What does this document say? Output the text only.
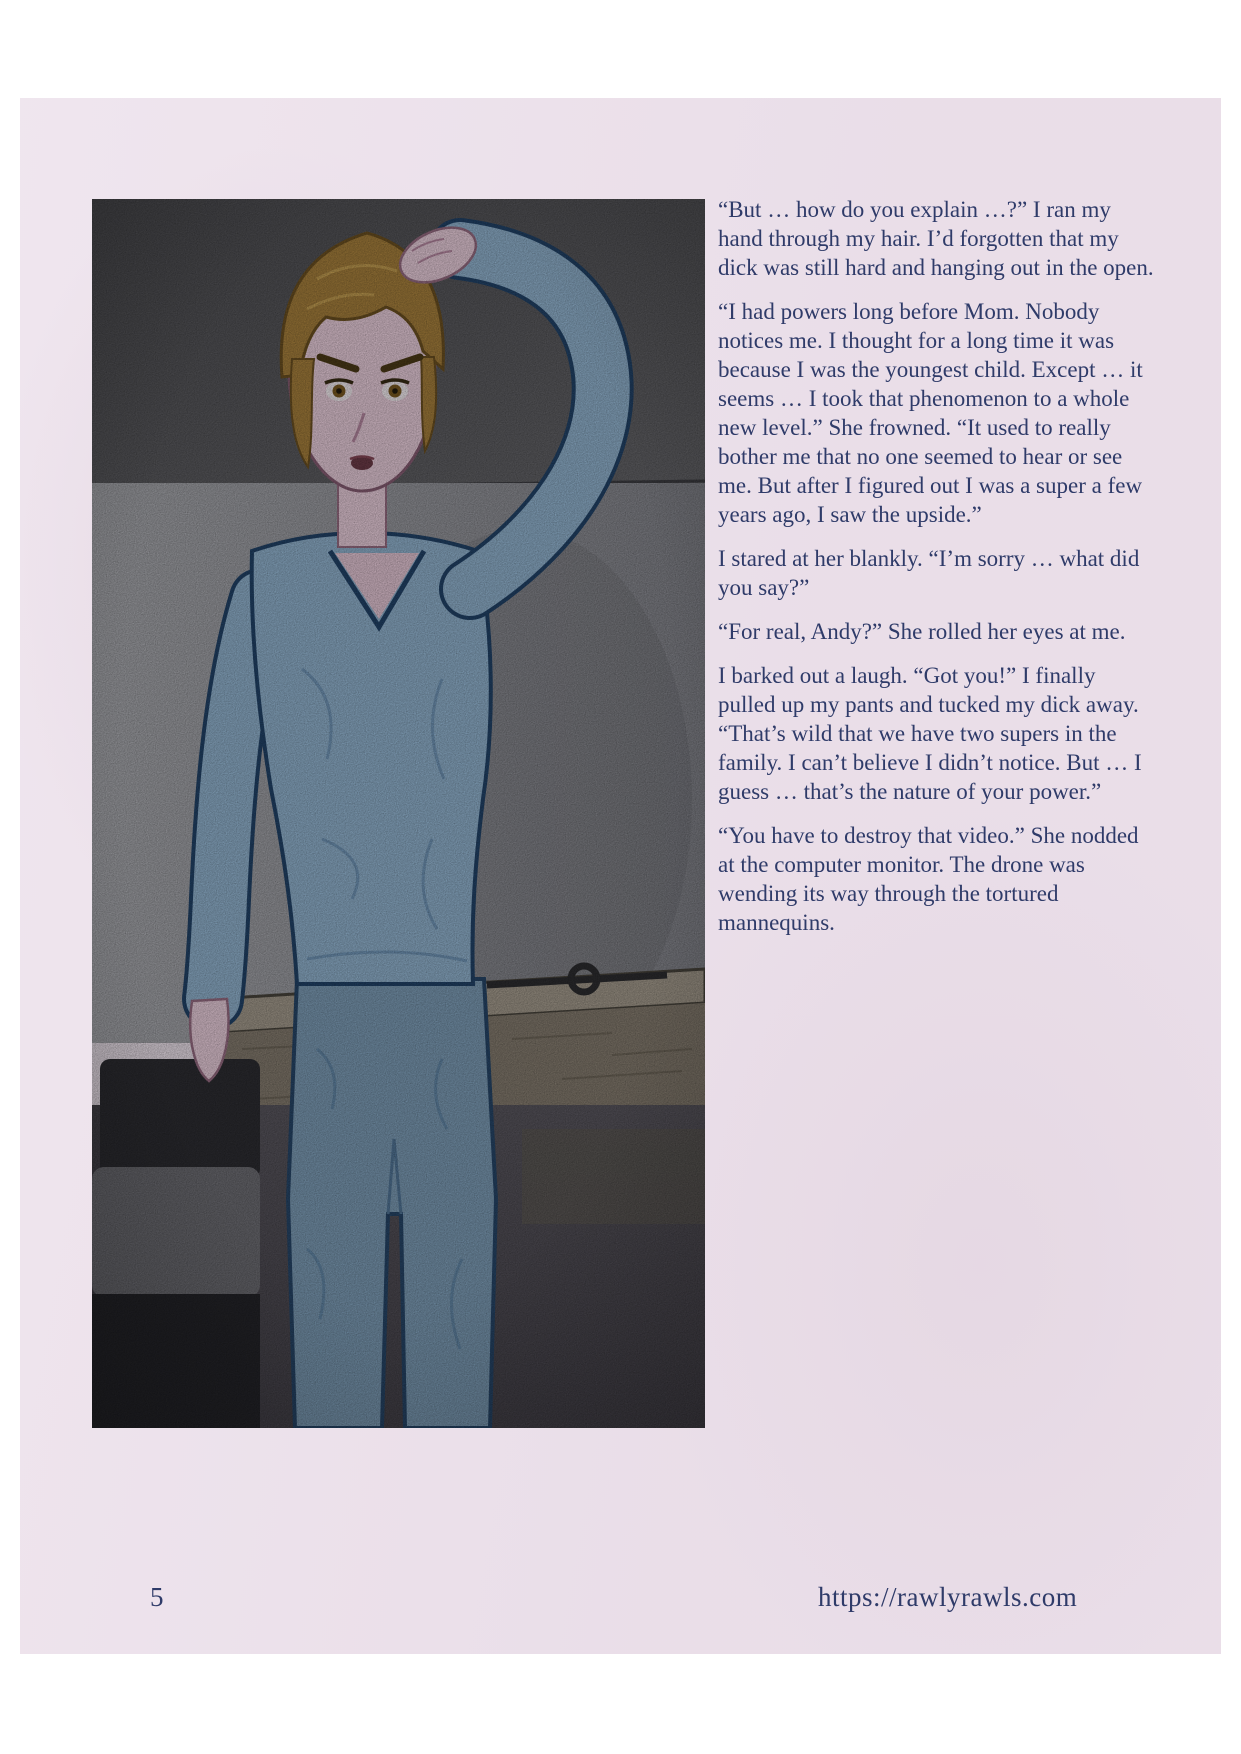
“But … how do you explain …?” I ran my hand through my hair. I’d forgotten that my dick was still hard and hanging out in the open.

“I had powers long before Mom. Nobody notices me. I thought for a long time it was because I was the youngest child. Except … it seems … I took that phenomenon to a whole new level.” She frowned. “It used to really bother me that no one seemed to hear or see me. But after I figured out I was a super a few years ago, I saw the upside.”

I stared at her blankly. “I’m sorry … what did you say?”

“For real, Andy?” She rolled her eyes at me.

I barked out a laugh. “Got you!” I finally pulled up my pants and tucked my dick away. “That’s wild that we have two supers in the family. I can’t believe I didn’t notice. But … I guess … that’s the nature of your power.”

“You have to destroy that video.” She nodded at the computer monitor. The drone was wending its way through the tortured mannequins.

5	https://rawlyrawls.com
